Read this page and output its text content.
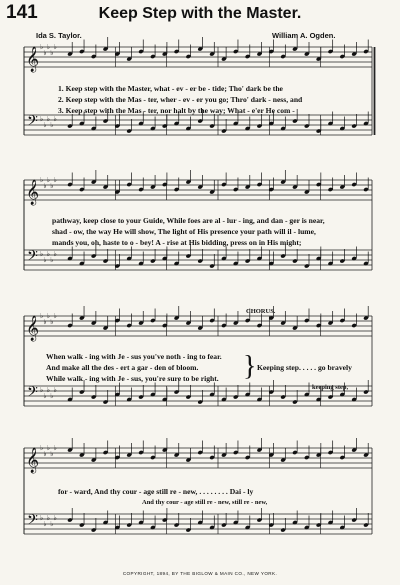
141	Keep Step with the Master.
Ida S. Taylor.	William A. Ogden.
𝄞
𝄢
♭
♭
♭
♭
♭
♭
♭
♭
♭
♭
𝄞
𝄢
♭
♭
♭
♭
♭
♭
♭
♭
♭
♭
𝄞
𝄢
♭
♭
♭
♭
♭
♭
♭
♭
♭
♭
𝄞
𝄢
♭
♭
♭
♭
♭
♭
♭
♭
♭
♭
1. Keep step with the Master, what - ev - er be - tide; Tho' dark be the
2. Keep step with the Mas - ter, wher - ev - er you go; Thro' dark - ness, and
3. Keep step with the Mas - ter, nor halt by the way; What - e'er He com -
pathway, keep close to your Guide, While foes are al - lur - ing, and dan - ger is near,
shad - ow, the way He will show, The light of His presence your path will il - lume,
mands you, oh, haste to o - bey! A - rise at His bidding, press on in His might;
CHORUS.
When walk - ing with Je - sus you've noth - ing to fear.
And make all the des - ert a gar - den of bloom.
While walk - ing with Je - sus, you're sure to be right. } Keeping step. . . . . go bravely
keeping step,
for - ward, And thy cour - age still re - new, . . . . . . . . Dai - ly
And thy cour - age still re - new, still re - new,
COPYRIGHT, 1894, BY THE BIGLOW & MAIN CO., NEW YORK.
